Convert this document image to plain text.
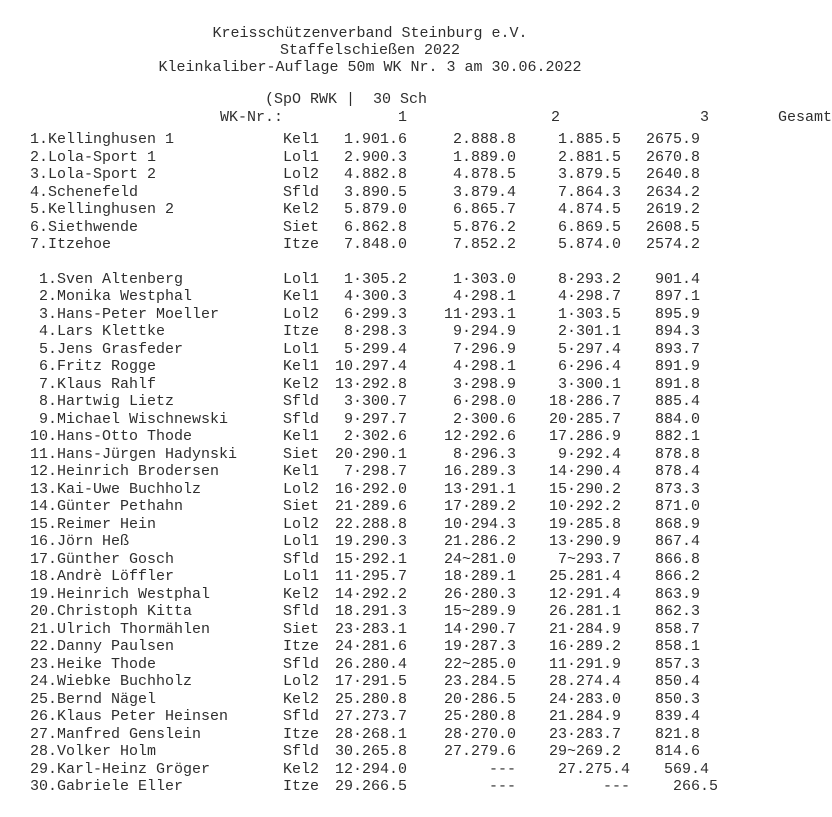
Kreisschützenverband Steinburg e.V.
Staffelschießen 2022
Kleinkaliber-Auflage 50m WK Nr. 3 am 30.06.2022
(SpO RWK |  30 Sch
WK-Nr.:	1	2	3	Gesamt
1. Kellinghusen 1	Kel1	1.901.6	2.888.8	1.885.5	2675.9
2. Lola-Sport 1	Lol1	2.900.3	1.889.0	2.881.5	2670.8
3. Lola-Sport 2	Lol2	4.882.8	4.878.5	3.879.5	2640.8
4. Schenefeld	Sfld	3.890.5	3.879.4	7.864.3	2634.2
5. Kellinghusen 2	Kel2	5.879.0	6.865.7	4.874.5	2619.2
6. Siethwende	Siet	6.862.8	5.876.2	6.869.5	2608.5
7. Itzehoe	Itze	7.848.0	7.852.2	5.874.0	2574.2
1. Sven Altenberg	Lol1	1·305.2	1·303.0	8·293.2	901.4
2. Monika Westphal	Kel1	4·300.3	4·298.1	4·298.7	897.1
3. Hans-Peter Moeller	Lol2	6·299.3	11·293.1	1·303.5	895.9
4. Lars Klettke	Itze	8·298.3	9·294.9	2·301.1	894.3
5. Jens Grasfeder	Lol1	5·299.4	7·296.9	5·297.4	893.7
6. Fritz Rogge	Kel1	10.297.4	4·298.1	6·296.4	891.9
7. Klaus Rahlf	Kel2	13·292.8	3·298.9	3·300.1	891.8
8. Hartwig Lietz	Sfld	3·300.7	6·298.0	18·286.7	885.4
9. Michael Wischnewski	Sfld	9·297.7	2·300.6	20·285.7	884.0
10. Hans-Otto Thode	Kel1	2·302.6	12·292.6	17.286.9	882.1
11. Hans-Jürgen Hadynski	Siet	20·290.1	8·296.3	9·292.4	878.8
12. Heinrich Brodersen	Kel1	7·298.7	16.289.3	14·290.4	878.4
13. Kai-Uwe Buchholz	Lol2	16·292.0	13·291.1	15·290.2	873.3
14. Günter Pethahn	Siet	21·289.6	17·289.2	10·292.2	871.0
15. Reimer Hein	Lol2	22.288.8	10·294.3	19·285.8	868.9
16. Jörn Heß	Lol1	19.290.3	21.286.2	13·290.9	867.4
17. Günther Gosch	Sfld	15·292.1	24~281.0	7~293.7	866.8
18. Andrè Löffler	Lol1	11·295.7	18·289.1	25.281.4	866.2
19. Heinrich Westphal	Kel2	14·292.2	26·280.3	12·291.4	863.9
20. Christoph Kitta	Sfld	18.291.3	15~289.9	26.281.1	862.3
21. Ulrich Thormählen	Siet	23·283.1	14·290.7	21·284.9	858.7
22. Danny Paulsen	Itze	24·281.6	19·287.3	16·289.2	858.1
23. Heike Thode	Sfld	26.280.4	22~285.0	11·291.9	857.3
24. Wiebke Buchholz	Lol2	17·291.5	23.284.5	28.274.4	850.4
25. Bernd Nägel	Kel2	25.280.8	20·286.5	24·283.0	850.3
26. Klaus Peter Heinsen	Sfld	27.273.7	25·280.8	21.284.9	839.4
27. Manfred Genslein	Itze	28·268.1	28·270.0	23·283.7	821.8
28. Volker Holm	Sfld	30.265.8	27.279.6	29~269.2	814.6
29. Karl-Heinz Gröger	Kel2	12·294.0	---	27.275.4	569.4
30. Gabriele Eller	Itze	29.266.5	---	---	266.5
